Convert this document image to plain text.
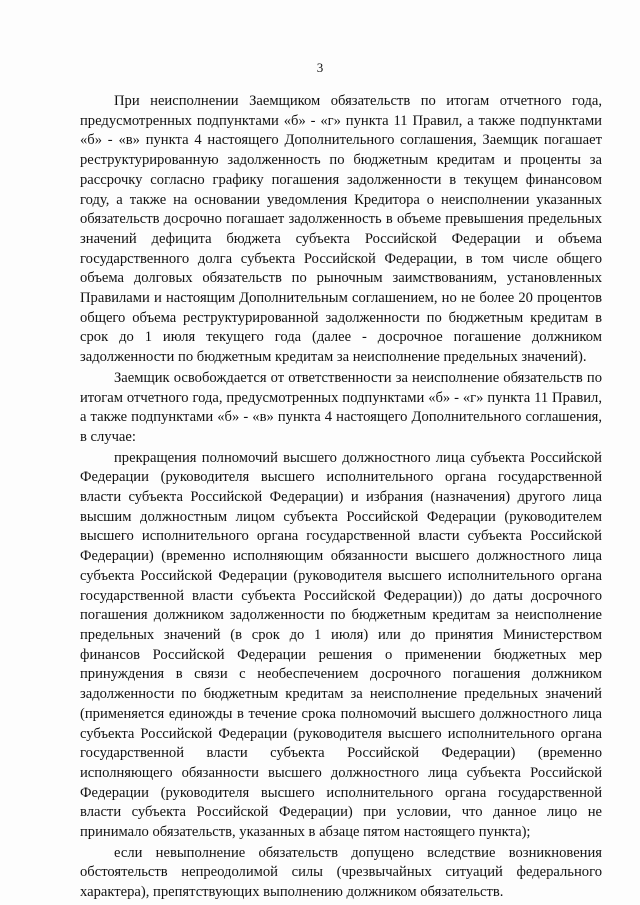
3

При неисполнении Заемщиком обязательств по итогам отчетного года, предусмотренных подпунктами «б» - «г» пункта 11 Правил, а также подпунктами «б» - «в» пункта 4 настоящего Дополнительного соглашения, Заемщик погашает реструктурированную задолженность по бюджетным кредитам и проценты за рассрочку согласно графику погашения задолженности в текущем финансовом году, а также на основании уведомления Кредитора о неисполнении указанных обязательств досрочно погашает задолженность в объеме превышения предельных значений дефицита бюджета субъекта Российской Федерации и объема государственного долга субъекта Российской Федерации, в том числе общего объема долговых обязательств по рыночным заимствованиям, установленных Правилами и настоящим Дополнительным соглашением, но не более 20 процентов общего объема реструктурированной задолженности по бюджетным кредитам в срок до 1 июля текущего года (далее - досрочное погашение должником задолженности по бюджетным кредитам за неисполнение предельных значений).

Заемщик освобождается от ответственности за неисполнение обязательств по итогам отчетного года, предусмотренных подпунктами «б» - «г» пункта 11 Правил, а также подпунктами «б» - «в» пункта 4 настоящего Дополнительного соглашения, в случае:

прекращения полномочий высшего должностного лица субъекта Российской Федерации (руководителя высшего исполнительного органа государственной власти субъекта Российской Федерации) и избрания (назначения) другого лица высшим должностным лицом субъекта Российской Федерации (руководителем высшего исполнительного органа государственной власти субъекта Российской Федерации) (временно исполняющим обязанности высшего должностного лица субъекта Российской Федерации (руководителя высшего исполнительного органа государственной власти субъекта Российской Федерации)) до даты досрочного погашения должником задолженности по бюджетным кредитам за неисполнение предельных значений (в срок до 1 июля) или до принятия Министерством финансов Российской Федерации решения о применении бюджетных мер принуждения в связи с необеспечением досрочного погашения должником задолженности по бюджетным кредитам за неисполнение предельных значений (применяется единожды в течение срока полномочий высшего должностного лица субъекта Российской Федерации (руководителя высшего исполнительного органа государственной власти субъекта Российской Федерации) (временно исполняющего обязанности высшего должностного лица субъекта Российской Федерации (руководителя высшего исполнительного органа государственной власти субъекта Российской Федерации) при условии, что данное лицо не принимало обязательств, указанных в абзаце пятом настоящего пункта);

если невыполнение обязательств допущено вследствие возникновения обстоятельств непреодолимой силы (чрезвычайных ситуаций федерального характера), препятствующих выполнению должником обязательств.
